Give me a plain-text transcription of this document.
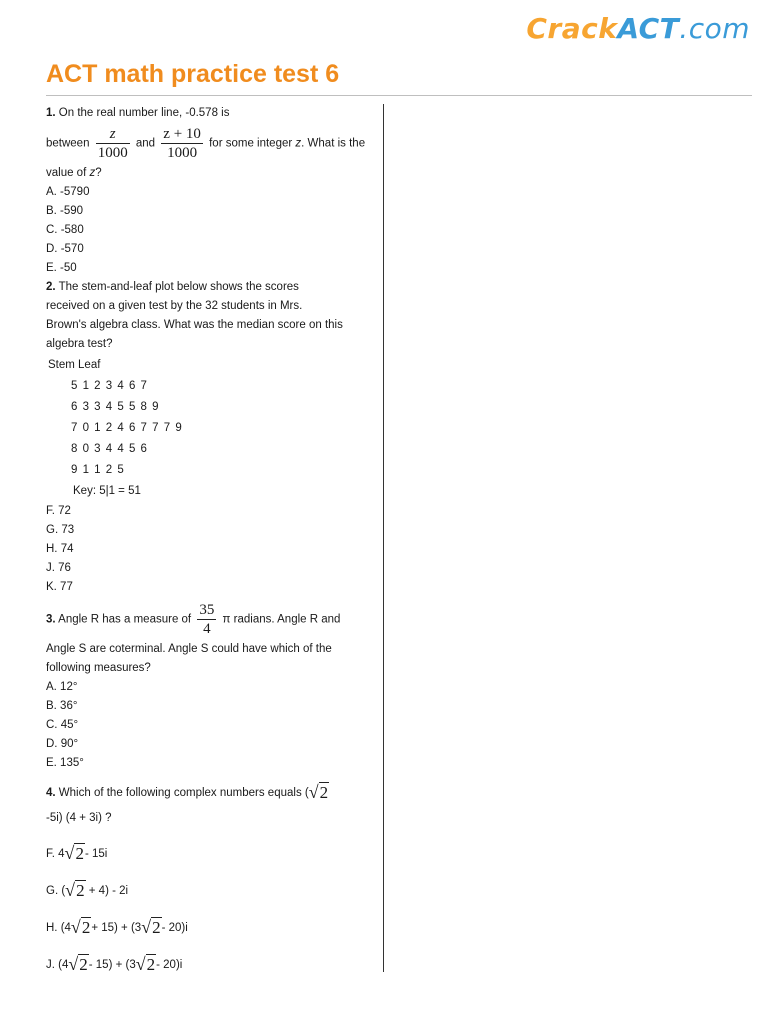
CrackACT.com
ACT math practice test 6

1. On the real number line, -0.578 is

between $\frac{z}{1000}$ and $\frac{z + 10}{1000}$ for some integer z. What is the

value of z?

A. -5790

B. -590

C. -580

D. -570

E. -50

2. The stem-and-leaf plot below shows the scores

received on a given test by the 32 students in Mrs.

Brown's algebra class. What was the median score on this

algebra test?

Stem Leaf

5 1 2 3 4 6 7

6 3 3 4 5 5 8 9

7 0 1 2 4 6 7 7 7 9

8 0 3 4 4 5 6

9 1 1 2 5

Key: 5|1 = 51

F. 72

G. 73

H. 74

J. 76

K. 77

3. Angle R has a measure of $\frac{35}{4}$ π radians. Angle R and

Angle S are coterminal. Angle S could have which of the

following measures?

A. 12°

B. 36°

C. 45°

D. 90°

E. 135°

4. Which of the following complex numbers equals (√2

-5i) (4 + 3i) ?

F. 4√2- 15i

G. (√2 + 4) - 2i

H. (4√2+ 15) + (3√2- 20)i

J. (4√2- 15) + (3√2- 20)i
